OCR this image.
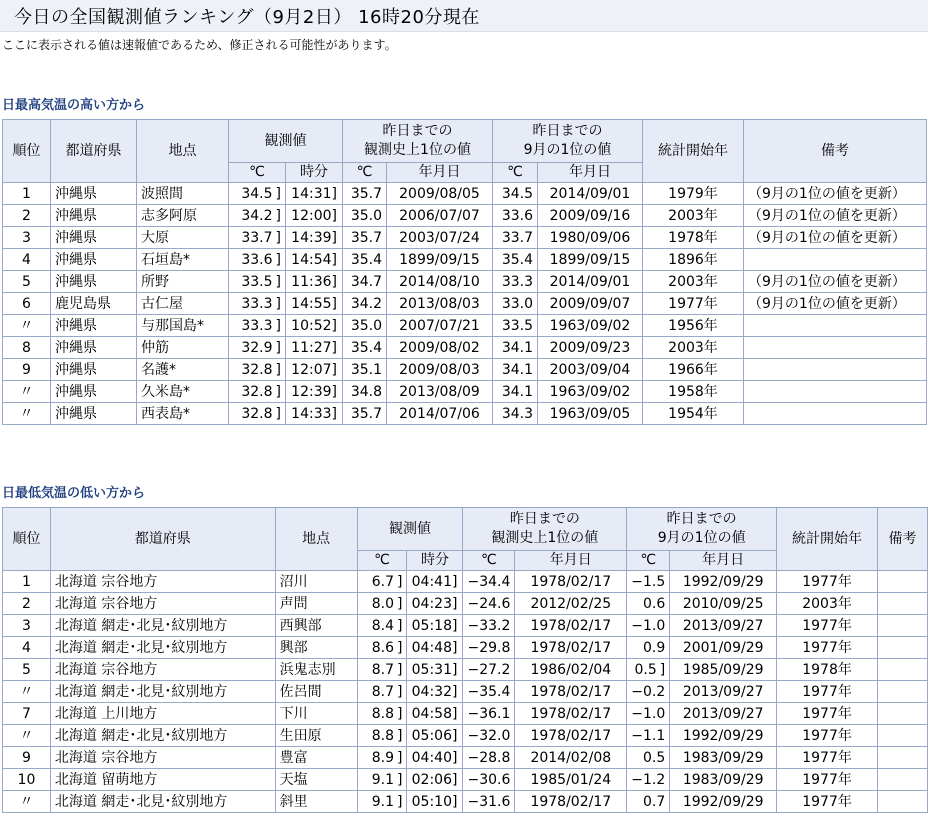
今日の全国観測値ランキング（9月2日） 16時20分現在
ここに表示される値は速報値であるため、修正される可能性があります。
日最高気温の高い方から
順位	都道府県	地点	観測値		昨日までの
観測史上1位の値		昨日までの
9月の1位の値		統計開始年	備考
			℃	時分	℃	年月日	℃	年月日		
1	沖縄県	波照間	34.5 ]	14:31]	35.7	2009/08/05	34.5	2014/09/01	1979年	（9月の1位の値を更新）
2	沖縄県	志多阿原	34.2 ]	12:00]	35.0	2006/07/07	33.6	2009/09/16	2003年	（9月の1位の値を更新）
3	沖縄県	大原	33.7 ]	14:39]	35.7	2003/07/24	33.7	1980/09/06	1978年	（9月の1位の値を更新）
4	沖縄県	石垣島*	33.6 ]	14:54]	35.4	1899/09/15	35.4	1899/09/15	1896年	
5	沖縄県	所野	33.5 ]	11:36]	34.7	2014/08/10	33.3	2014/09/01	2003年	（9月の1位の値を更新）
6	鹿児島県	古仁屋	33.3 ]	14:55]	34.2	2013/08/03	33.0	2009/09/07	1977年	（9月の1位の値を更新）
〃	沖縄県	与那国島*	33.3 ]	10:52]	35.0	2007/07/21	33.5	1963/09/02	1956年	
8	沖縄県	仲筋	32.9 ]	11:27]	35.4	2009/08/02	34.1	2009/09/23	2003年	
9	沖縄県	名護*	32.8 ]	12:07]	35.1	2009/08/03	34.1	2003/09/04	1966年	
〃	沖縄県	久米島*	32.8 ]	12:39]	34.8	2013/08/09	34.1	1963/09/02	1958年	
〃	沖縄県	西表島*	32.8 ]	14:33]	35.7	2014/07/06	34.3	1963/09/05	1954年	
日最低気温の低い方から
順位	都道府県	地点	観測値		昨日までの
観測史上1位の値		昨日までの
9月の1位の値		統計開始年	備考
			℃	時分	℃	年月日	℃	年月日		
1	北海道 宗谷地方	沼川	6.7 ]	04:41]	−34.4	1978/02/17	−1.5	1992/09/29	1977年	
2	北海道 宗谷地方	声問	8.0 ]	04:23]	−24.6	2012/02/25	0.6	2010/09/25	2003年	
3	北海道 網走･北見･紋別地方	西興部	8.4 ]	05:18]	−33.2	1978/02/17	−1.0	2013/09/27	1977年	
4	北海道 網走･北見･紋別地方	興部	8.6 ]	04:48]	−29.8	1978/02/17	0.9	2001/09/29	1977年	
5	北海道 宗谷地方	浜鬼志別	8.7 ]	05:31]	−27.2	1986/02/04	0.5 ]	1985/09/29	1978年	
〃	北海道 網走･北見･紋別地方	佐呂間	8.7 ]	04:32]	−35.4	1978/02/17	−0.2	2013/09/27	1977年	
7	北海道 上川地方	下川	8.8 ]	04:58]	−36.1	1978/02/17	−1.0	2013/09/27	1977年	
〃	北海道 網走･北見･紋別地方	生田原	8.8 ]	05:06]	−32.0	1978/02/17	−1.1	1992/09/29	1977年	
9	北海道 宗谷地方	豊富	8.9 ]	04:40]	−28.8	2014/02/08	0.5	1983/09/29	1977年	
10	北海道 留萌地方	天塩	9.1 ]	02:06]	−30.6	1985/01/24	−1.2	1983/09/29	1977年	
〃	北海道 網走･北見･紋別地方	斜里	9.1 ]	05:10]	−31.6	1978/02/17	0.7	1992/09/29	1977年	
